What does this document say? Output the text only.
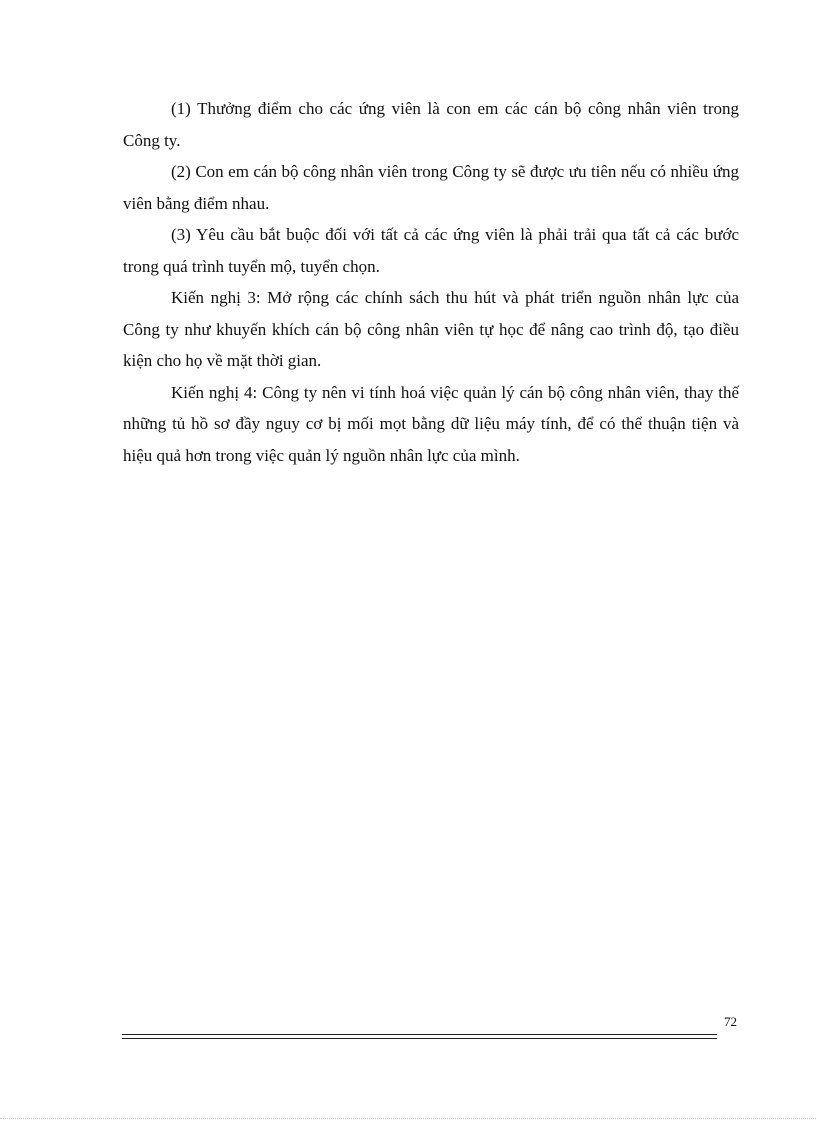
(1) Thưởng điểm cho các ứng viên là con em các cán bộ công nhân viên trong Công ty.

(2) Con em cán bộ công nhân viên trong Công ty sẽ được ưu tiên nếu có nhiều ứng viên bằng điểm nhau.

(3) Yêu cầu bắt buộc đối với tất cả các ứng viên là phải trải qua tất cả các bước trong quá trình tuyển mộ, tuyển chọn.

Kiến nghị 3: Mở rộng các chính sách thu hút và phát triển nguồn nhân lực của Công ty như khuyến khích cán bộ công nhân viên tự học để nâng cao trình độ, tạo điều kiện cho họ về mặt thời gian.

Kiến nghị 4: Công ty nên vi tính hoá việc quản lý cán bộ công nhân viên, thay thế những tủ hồ sơ đầy nguy cơ bị mối mọt bằng dữ liệu máy tính, để có thể thuận tiện và hiệu quả hơn trong việc quản lý nguồn nhân lực của mình.

72
